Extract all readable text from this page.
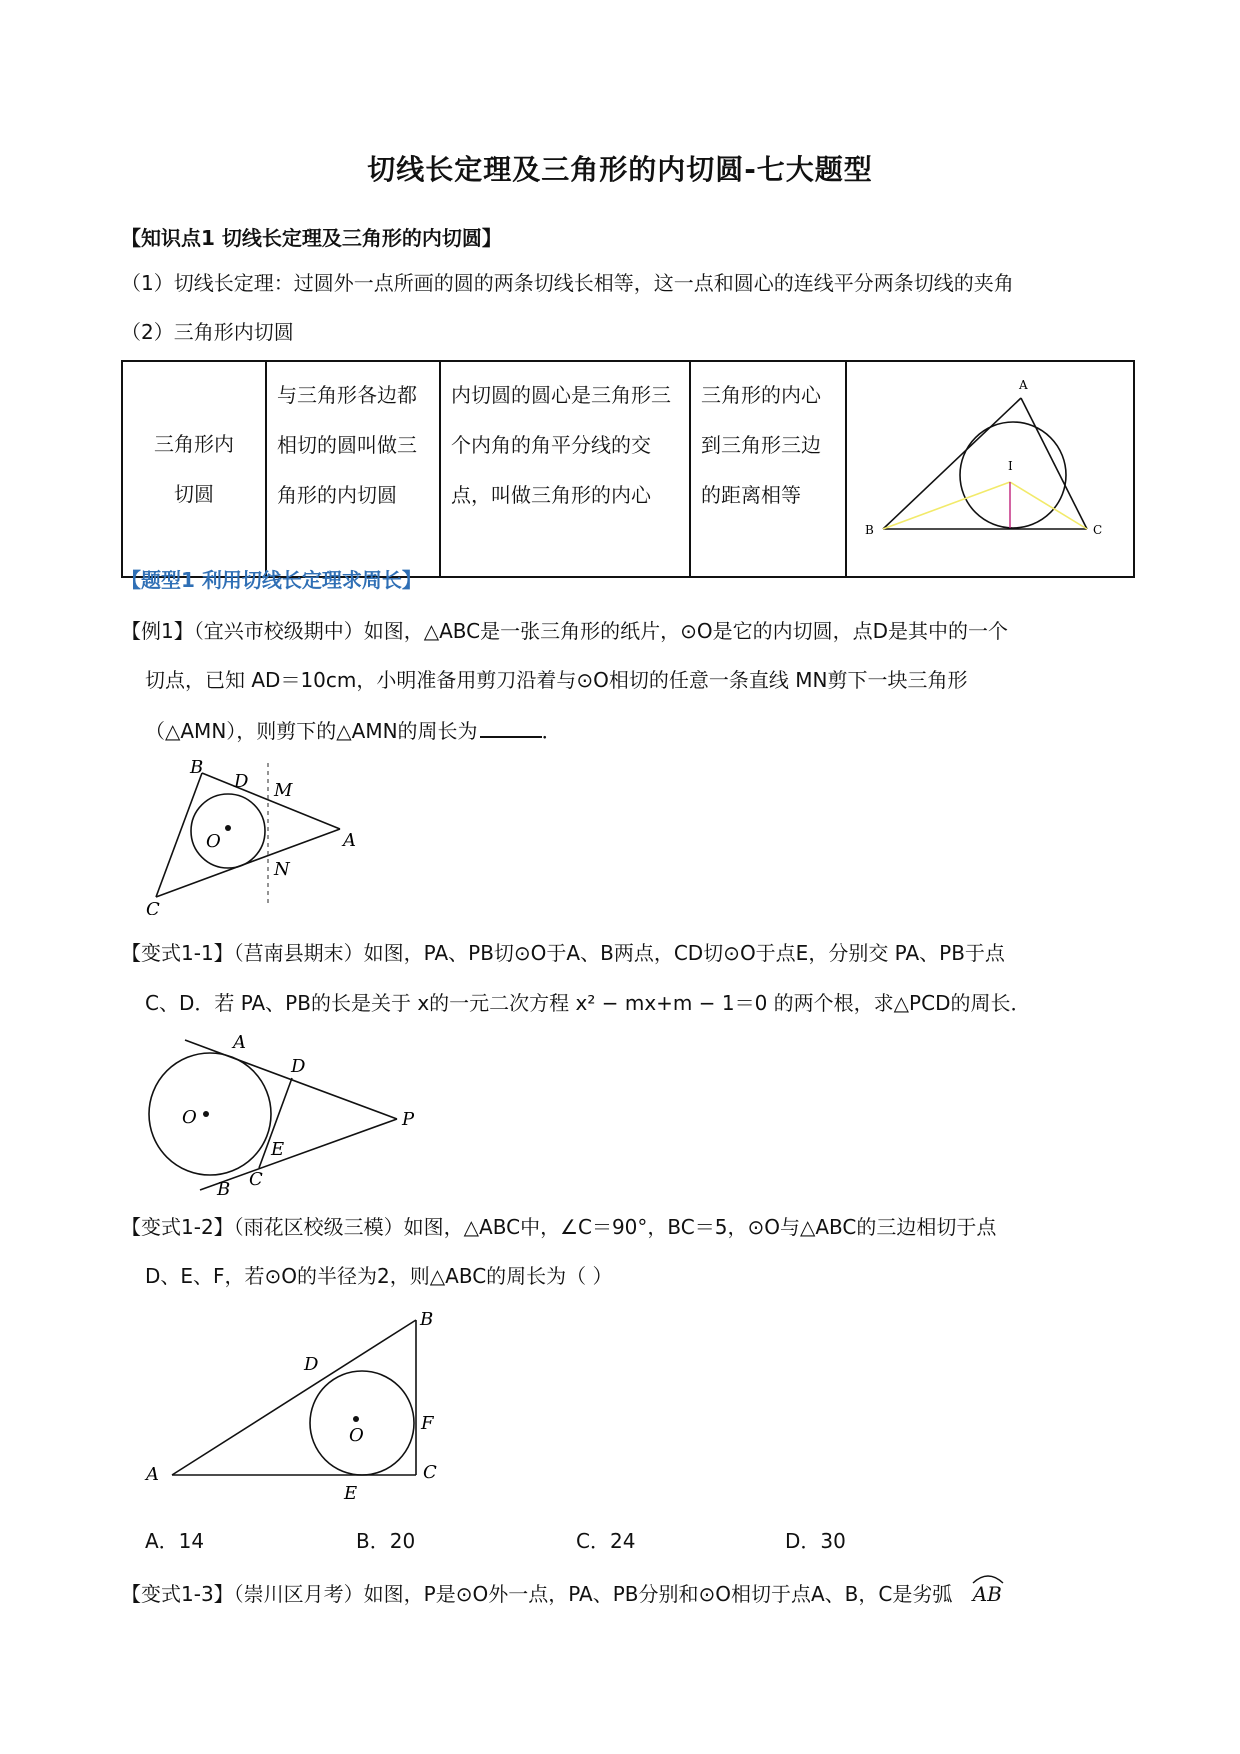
切线长定理及三角形的内切圆-七大题型
【知识点1 切线长定理及三角形的内切圆】
（1）切线长定理：过圆外一点所画的圆的两条切线长相等，这一点和圆心的连线平分两条切线的夹角
（2）三角形内切圆
三角形内切圆	与三角形各边都相切的圆叫做三角形的内切圆	内切圆的圆心是三角形三个内角的角平分线的交点，叫做三角形的内心	三角形的内心到三角形三边的距离相等	
A
B	C
I
【题型1 利用切线长定理求周长】
【例1】（宜兴市校级期中）如图，△ABC是一张三角形的纸片，⊙O是它的内切圆，点D是其中的一个
切点，已知 AD＝10cm，小明准备用剪刀沿着与⊙O相切的任意一条直线 MN剪下一块三角形
（△AMN），则剪下的△AMN的周长为	．
B
D M
O	A
N
C
【变式1-1】（莒南县期末）如图，PA、PB切⊙O于A、B两点，CD切⊙O于点E，分别交 PA、PB于点
C、D．若 PA、PB的长是关于 x的一元二次方程 x² − mx+m − 1＝0 的两个根，求△PCD的周长．
A
D
O	P
E
B C
【变式1-2】（雨花区校级三模）如图，△ABC中，∠C＝90°，BC＝5，⊙O与△ABC的三边相切于点
D、E、F，若⊙O的半径为2，则△ABC的周长为（ ）
B
D
O
F
A	C
E
A．14	B．20	C．24	D．30
【变式1-3】（崇川区月考）如图，P是⊙O外一点，PA、PB分别和⊙O相切于点A、B，C是劣弧 AB
